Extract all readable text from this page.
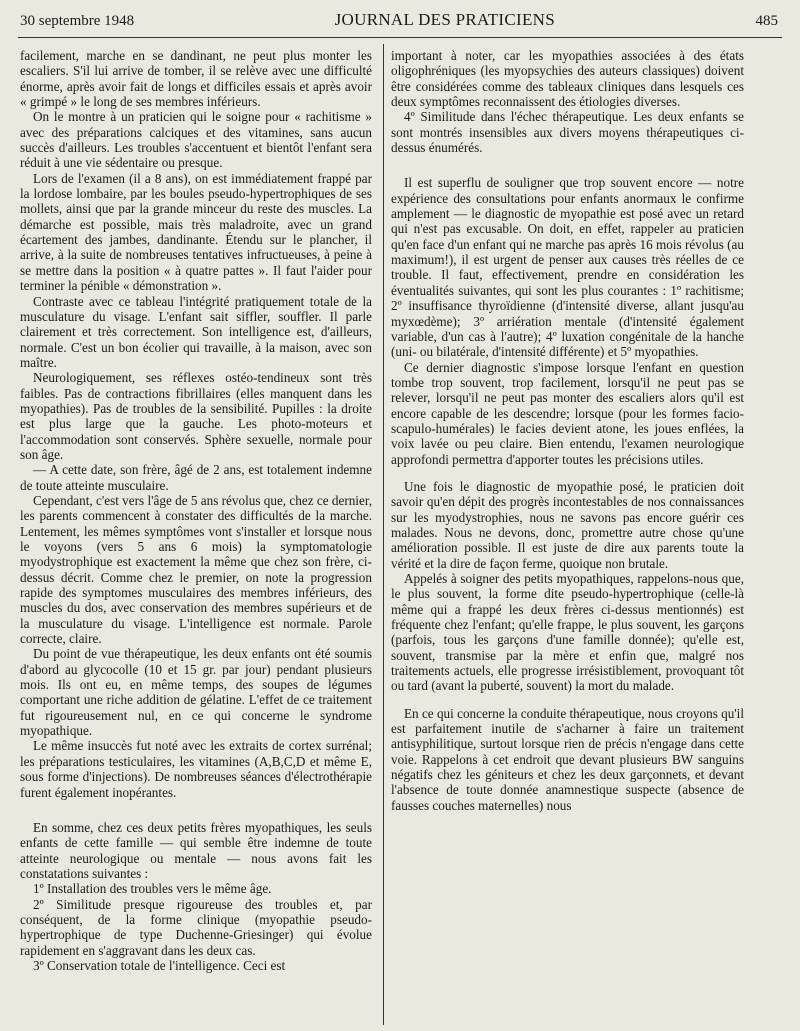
30 septembre 1948	JOURNAL DES PRATICIENS	485

facilement, marche en se dandinant, ne peut plus monter les escaliers. S'il lui arrive de tomber, il se relève avec une difficulté énorme, après avoir fait de longs et difficiles essais et après avoir « grimpé » le long de ses membres inférieurs.

On le montre à un praticien qui le soigne pour « rachitisme » avec des préparations calciques et des vitamines, sans aucun succès d'ailleurs. Les troubles s'accentuent et bientôt l'enfant sera réduit à une vie sédentaire ou presque.

Lors de l'examen (il a 8 ans), on est immédiatement frappé par la lordose lombaire, par les boules pseudo-hypertrophiques de ses mollets, ainsi que par la grande minceur du reste des muscles. La démarche est possible, mais très maladroite, avec un grand écartement des jambes, dandinante. Étendu sur le plancher, il arrive, à la suite de nombreuses tentatives infructueuses, à peine à se mettre dans la position « à quatre pattes ». Il faut l'aider pour terminer la pénible « démonstration ».

Contraste avec ce tableau l'intégrité pratiquement totale de la musculature du visage. L'enfant sait siffler, souffler. Il parle clairement et très correctement. Son intelligence est, d'ailleurs, normale. C'est un bon écolier qui travaille, à la maison, avec son maître.

Neurologiquement, ses réflexes ostéo-tendineux sont très faibles. Pas de contractions fibrillaires (elles manquent dans les myopathies). Pas de troubles de la sensibilité. Pupilles : la droite est plus large que la gauche. Les photo-moteurs et l'accommodation sont conservés. Sphère sexuelle, normale pour son âge.

— A cette date, son frère, âgé de 2 ans, est totalement indemne de toute atteinte musculaire.

Cependant, c'est vers l'âge de 5 ans révolus que, chez ce dernier, les parents commencent à constater des difficultés de la marche. Lentement, les mêmes symptômes vont s'installer et lorsque nous le voyons (vers 5 ans 6 mois) la symptomatologie myodystrophique est exactement la même que chez son frère, ci-dessus décrit. Comme chez le premier, on note la progression rapide des symptomes musculaires des membres inférieurs, des muscles du dos, avec conservation des membres supérieurs et de la musculature du visage. L'intelligence est normale. Parole correcte, claire.

Du point de vue thérapeutique, les deux enfants ont été soumis d'abord au glycocolle (10 et 15 gr. par jour) pendant plusieurs mois. Ils ont eu, en même temps, des soupes de légumes comportant une riche addition de gélatine. L'effet de ce traitement fut rigoureusement nul, en ce qui concerne le syndrome myopathique.

Le même insuccès fut noté avec les extraits de cortex surrénal; les préparations testiculaires, les vitamines (A,B,C,D et même E, sous forme d'injections). De nombreuses séances d'électrothérapie furent également inopérantes.

En somme, chez ces deux petits frères myopathiques, les seuls enfants de cette famille — qui semble être indemne de toute atteinte neurologique ou mentale — nous avons fait les constatations suivantes :

1º Installation des troubles vers le même âge.

2º Similitude presque rigoureuse des troubles et, par conséquent, de la forme clinique (myopathie pseudo-hypertrophique de type Duchenne-Griesinger) qui évolue rapidement en s'aggravant dans les deux cas.

3º Conservation totale de l'intelligence. Ceci est

important à noter, car les myopathies associées à des états oligophréniques (les myopsychies des auteurs classiques) doivent être considérées comme des tableaux cliniques dans lesquels ces deux symptômes reconnaissent des étiologies diverses.

4º Similitude dans l'échec thérapeutique. Les deux enfants se sont montrés insensibles aux divers moyens thérapeutiques ci-dessus énumérés.

Il est superflu de souligner que trop souvent encore — notre expérience des consultations pour enfants anormaux le confirme amplement — le diagnostic de myopathie est posé avec un retard qui n'est pas excusable. On doit, en effet, rappeler au praticien qu'en face d'un enfant qui ne marche pas après 16 mois révolus (au maximum!), il est urgent de penser aux causes très réelles de ce trouble. Il faut, effectivement, prendre en considération les éventualités suivantes, qui sont les plus courantes : 1º rachitisme; 2º insuffisance thyroïdienne (d'intensité diverse, allant jusqu'au myxœdème); 3º arriération mentale (d'intensité également variable, d'un cas à l'autre); 4º luxation congénitale de la hanche (uni- ou bilatérale, d'intensité différente) et 5º myopathies.

Ce dernier diagnostic s'impose lorsque l'enfant en question tombe trop souvent, trop facilement, lorsqu'il ne peut pas se relever, lorsqu'il ne peut pas monter des escaliers alors qu'il est encore capable de les descendre; lorsque (pour les formes facio-scapulo-humérales) le facies devient atone, les joues enflées, la voix lavée ou peu claire. Bien entendu, l'examen neurologique approfondi permettra d'apporter toutes les précisions utiles.

Une fois le diagnostic de myopathie posé, le praticien doit savoir qu'en dépit des progrès incontestables de nos connaissances sur les myodystrophies, nous ne savons pas encore guérir ces malades. Nous ne devons, donc, promettre autre chose qu'une amélioration possible. Il est juste de dire aux parents toute la vérité et la dire de façon ferme, quoique non brutale.

Appelés à soigner des petits myopathiques, rappelons-nous que, le plus souvent, la forme dite pseudo-hypertrophique (celle-là même qui a frappé les deux frères ci-dessus mentionnés) est fréquente chez l'enfant; qu'elle frappe, le plus souvent, les garçons (parfois, tous les garçons d'une famille donnée); qu'elle est, souvent, transmise par la mère et enfin que, malgré nos traitements actuels, elle progresse irrésistiblement, provoquant tôt ou tard (avant la puberté, souvent) la mort du malade.

En ce qui concerne la conduite thérapeutique, nous croyons qu'il est parfaitement inutile de s'acharner à faire un traitement antisyphilitique, surtout lorsque rien de précis n'engage dans cette voie. Rappelons à cet endroit que devant plusieurs BW sanguins négatifs chez les géniteurs et chez les deux garçonnets, et devant l'absence de toute donnée anamnestique suspecte (absence de fausses couches maternelles) nous
